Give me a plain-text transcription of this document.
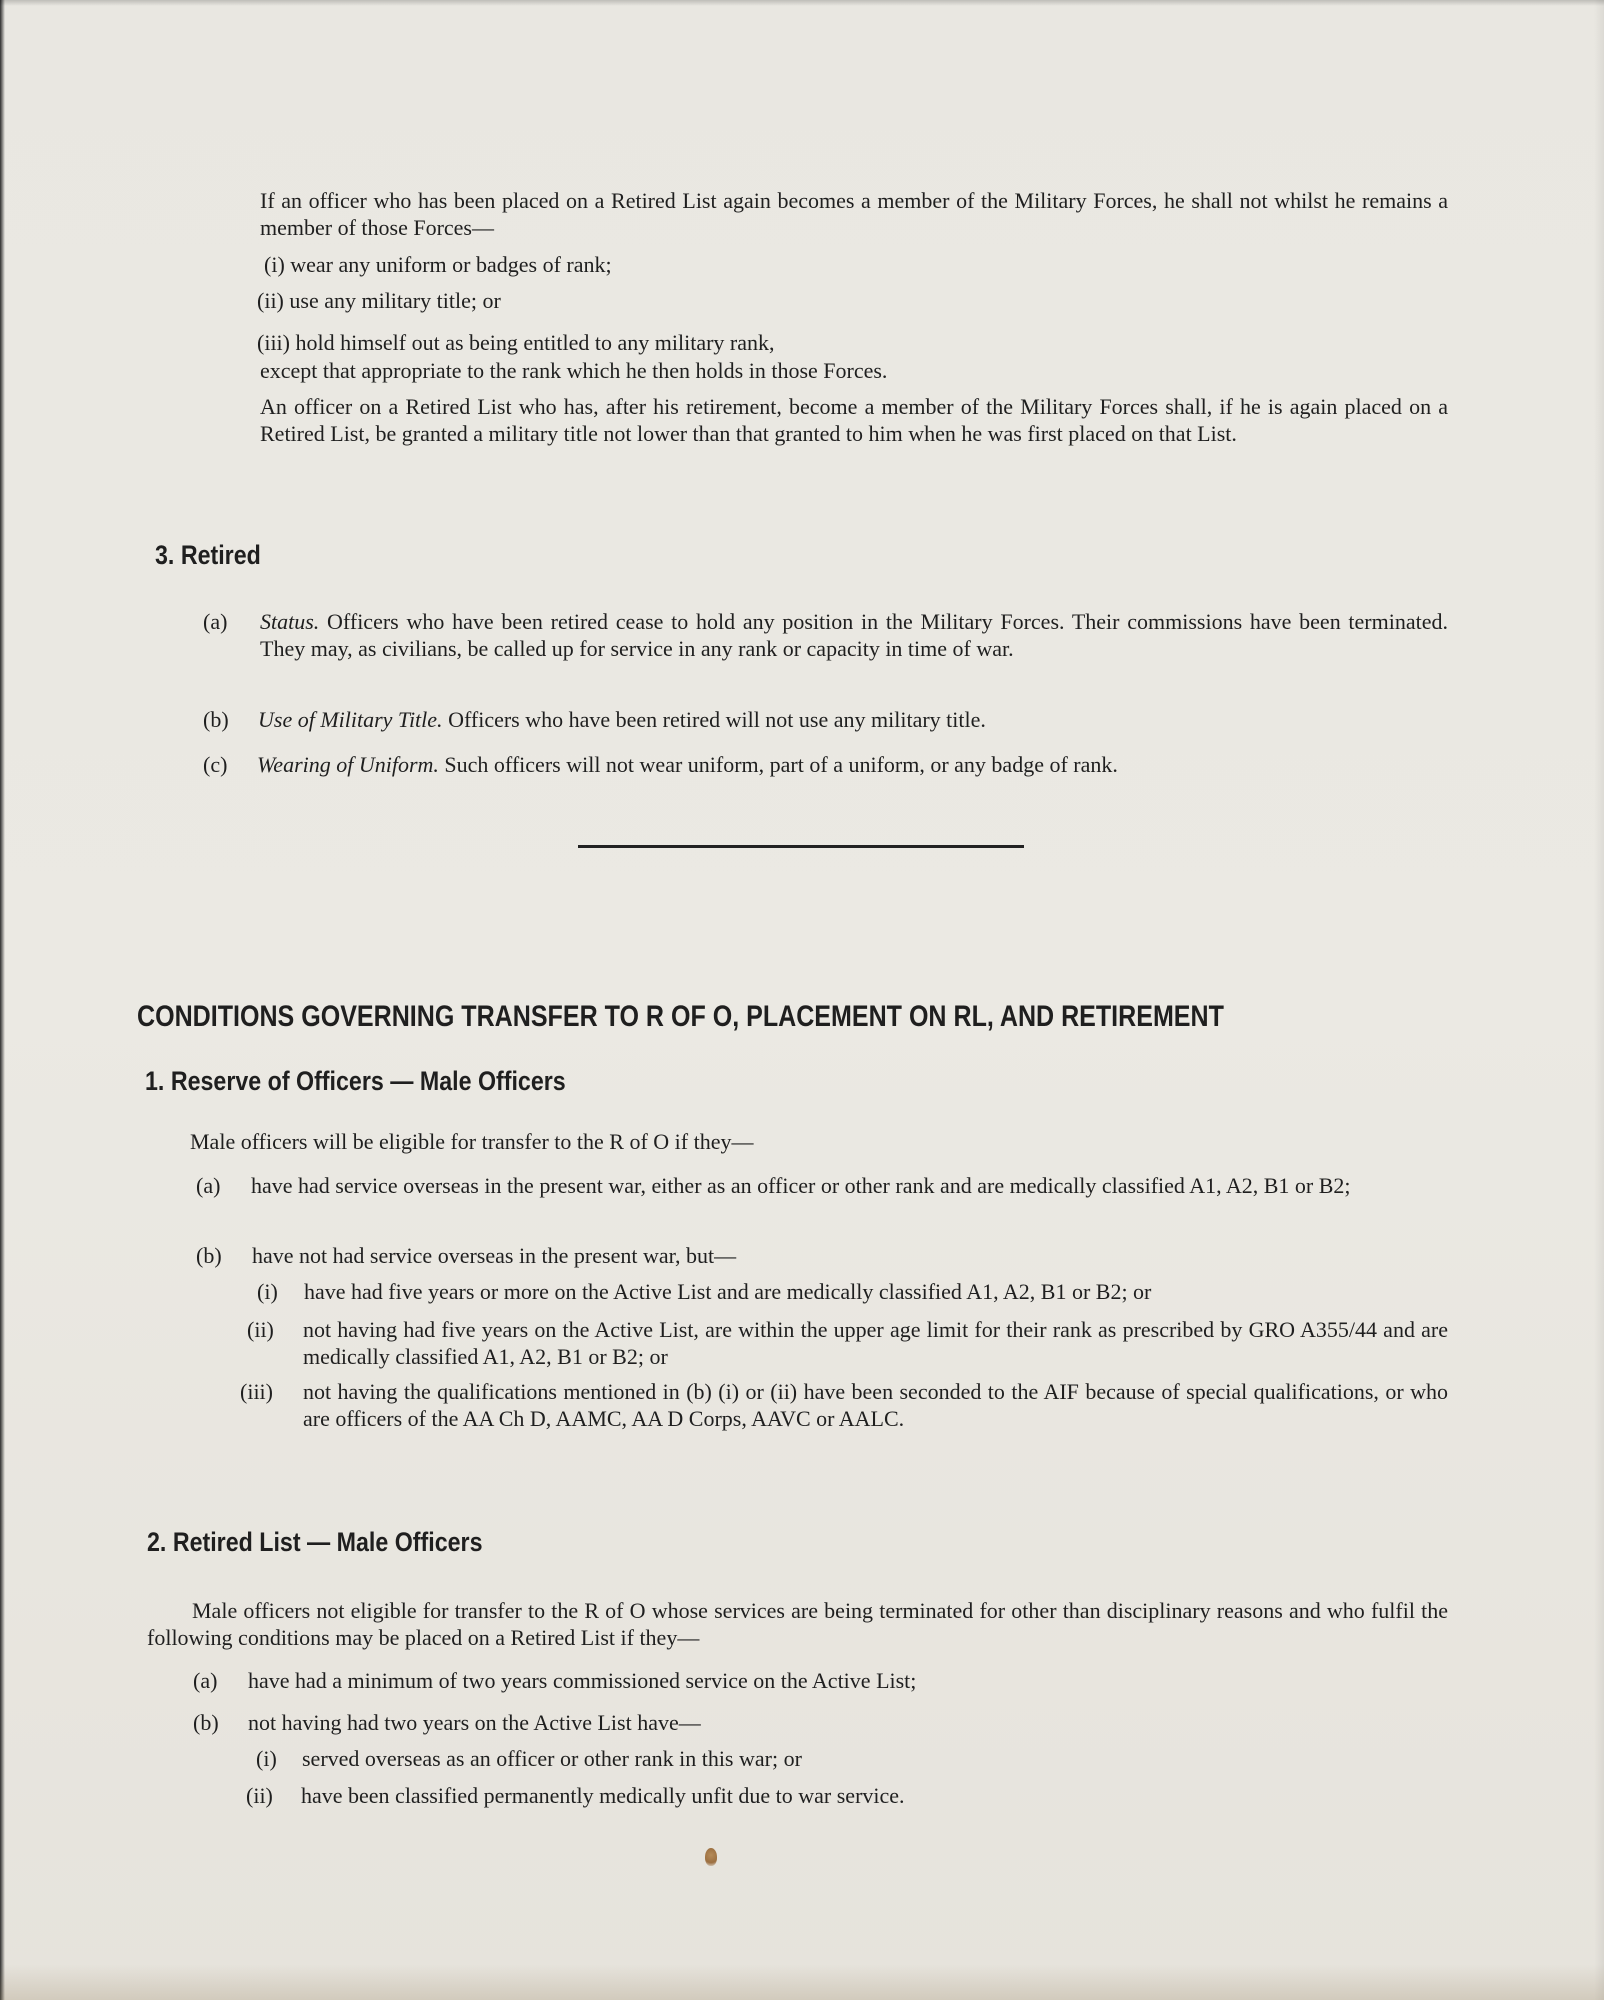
If an officer who has been placed on a Retired List again becomes a member of the Military Forces, he shall not whilst he remains a member of those Forces—
(i) wear any uniform or badges of rank;
(ii) use any military title; or
(iii) hold himself out as being entitled to any military rank,
except that appropriate to the rank which he then holds in those Forces.
An officer on a Retired List who has, after his retirement, become a member of the Military Forces shall, if he is again placed on a Retired List, be granted a military title not lower than that granted to him when he was first placed on that List.
3. Retired
(a) Status. Officers who have been retired cease to hold any position in the Military Forces. Their commissions have been terminated. They may, as civilians, be called up for service in any rank or capacity in time of war.
(b) Use of Military Title. Officers who have been retired will not use any military title.
(c) Wearing of Uniform. Such officers will not wear uniform, part of a uniform, or any badge of rank.
CONDITIONS GOVERNING TRANSFER TO R OF O, PLACEMENT ON RL, AND RETIREMENT
1. Reserve of Officers — Male Officers
Male officers will be eligible for transfer to the R of O if they—
(a) have had service overseas in the present war, either as an officer or other rank and are medically classified A1, A2, B1 or B2;
(b) have not had service overseas in the present war, but—
(i) have had five years or more on the Active List and are medically classified A1, A2, B1 or B2; or
(ii) not having had five years on the Active List, are within the upper age limit for their rank as prescribed by GRO A355/44 and are medically classified A1, A2, B1 or B2; or
(iii) not having the qualifications mentioned in (b) (i) or (ii) have been seconded to the AIF because of special qualifications, or who are officers of the AA Ch D, AAMC, AA D Corps, AAVC or AALC.
2. Retired List — Male Officers
Male officers not eligible for transfer to the R of O whose services are being terminated for other than disciplinary reasons and who fulfil the following conditions may be placed on a Retired List if they—
(a) have had a minimum of two years commissioned service on the Active List;
(b) not having had two years on the Active List have—
(i) served overseas as an officer or other rank in this war; or
(ii) have been classified permanently medically unfit due to war service.
